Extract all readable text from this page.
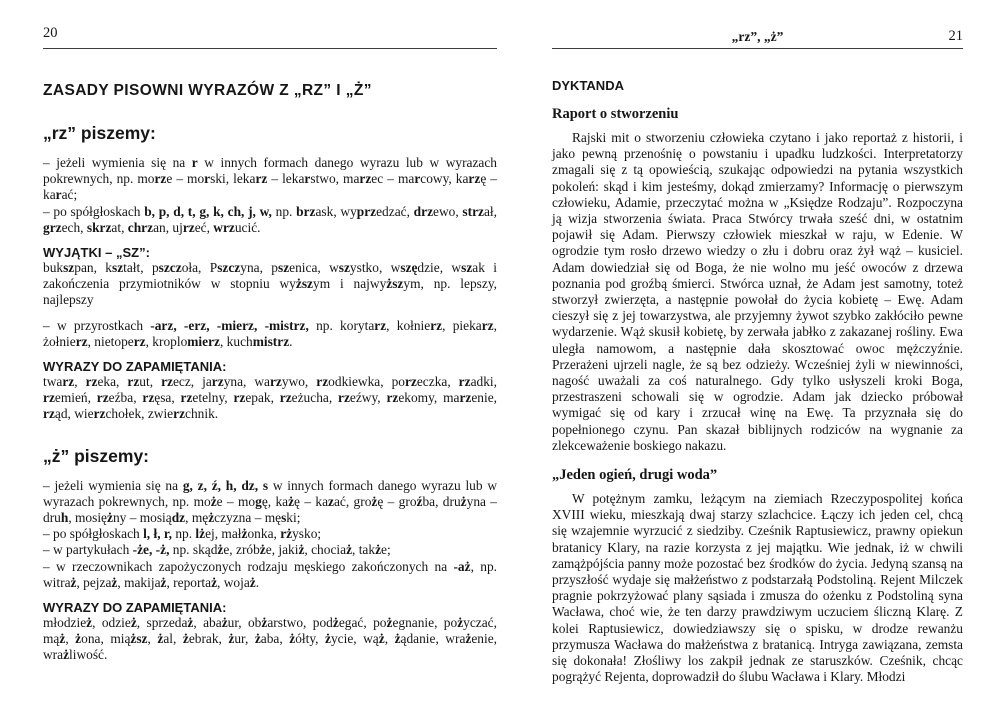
20
ZASADY PISOWNI WYRAZÓW Z „RZ” I „Ż”
„rz” piszemy:

– jeżeli wymienia się na r w innych formach danego wyrazu lub w wyrazach pokrewnych, np. morze – morski, lekarz – lekarstwo, marzec – marcowy, karzę – karać;

– po spółgłoskach b, p, d, t, g, k, ch, j, w, np. brzask, wyprzedzać, drzewo, strzał, grzech, skrzat, chrzan, ujrzeć, wrzucić.

WYJĄTKI – „SZ”:

bukszpan, kształt, pszczoła, Pszczyna, pszenica, wszystko, wszędzie, wszak i zakończenia przymiotników w stopniu wyższym i najwyższym, np. lepszy, najlepszy

– w przyrostkach -arz, -erz, -mierz, -mistrz, np. korytarz, kołnierz, piekarz, żołnierz, nietoperz, kroplomierz, kuchmistrz.

WYRAZY DO ZAPAMIĘTANIA:

twarz, rzeka, rzut, rzecz, jarzyna, warzywo, rzodkiewka, porzeczka, rzadki, rzemień, rzeźba, rzęsa, rzetelny, rzepak, rzeżucha, rzeźwy, rzekomy, marzenie, rząd, wierzchołek, zwierzchnik.

„ż” piszemy:

– jeżeli wymienia się na g, z, ź, h, dz, s w innych formach danego wyrazu lub w wyrazach pokrewnych, np. może – mogę, każę – kazać, grożę – groźba, drużyna – druh, mosiężny – mosiądz, mężczyzna – męski;

– po spółgłoskach l, ł, r, np. lżej, małżonka, rżysko;

– w partykułach -że, -ż, np. skądże, zróbże, jakiż, chociaż, także;

– w rzeczownikach zapożyczonych rodzaju męskiego zakończonych na -aż, np. witraż, pejzaż, makijaż, reportaż, wojaż.

WYRAZY DO ZAPAMIĘTANIA:

młodzież, odzież, sprzedaż, abażur, obżarstwo, podżegać, pożegnanie, pożyczać, mąż, żona, miąższ, żal, żebrak, żur, żaba, żółty, życie, wąż, żądanie, wrażenie, wrażliwość.

„rz”, „ż”	21
DYKTANDA
Raport o stworzeniu

Rajski mit o stworzeniu człowieka czytano i jako reportaż z historii, i jako pewną przenośnię o powstaniu i upadku ludzkości. Interpretatorzy zmagali się z tą opowieścią, szukając odpowiedzi na pytania wszystkich pokoleń: skąd i kim jesteśmy, dokąd zmierzamy? Informację o pierwszym człowieku, Adamie, przeczytać można w „Księdze Rodzaju”. Rozpoczyna ją wizja stworzenia świata. Praca Stwórcy trwała sześć dni, w ostatnim pojawił się Adam. Pierwszy człowiek mieszkał w raju, w Edenie. W ogrodzie tym rosło drzewo wiedzy o złu i dobru oraz żył wąż – kusiciel. Adam dowiedział się od Boga, że nie wolno mu jeść owoców z drzewa poznania pod groźbą śmierci. Stwórca uznał, że Adam jest samotny, toteż stworzył zwierzęta, a następnie powołał do życia kobietę – Ewę. Adam cieszył się z jej towarzystwa, ale przyjemny żywot szybko zakłóciło pewne wydarzenie. Wąż skusił kobietę, by zerwała jabłko z zakazanej rośliny. Ewa uległa namowom, a następnie dała skosztować owoc mężczyźnie. Przerażeni ujrzeli nagle, że są bez odzieży. Wcześniej żyli w niewinności, nagość uważali za coś naturalnego. Gdy tylko usłyszeli kroki Boga, przestraszeni schowali się w ogrodzie. Adam jak dziecko próbował wymigać się od kary i zrzucał winę na Ewę. Ta przyznała się do popełnionego czynu. Pan skazał biblijnych rodziców na wygnanie za zlekceważenie boskiego nakazu.

„Jeden ogień, drugi woda”

W potężnym zamku, leżącym na ziemiach Rzeczypospolitej końca XVIII wieku, mieszkają dwaj starzy szlachcice. Łączy ich jeden cel, chcą się wzajemnie wyrzucić z siedziby. Cześnik Raptusiewicz, prawny opiekun bratanicy Klary, na razie korzysta z jej majątku. Wie jednak, iż w chwili zamążpójścia panny może pozostać bez środków do życia. Jedyną szansą na przyszłość wydaje się małżeństwo z podstarzałą Podstoliną. Rejent Milczek pragnie pokrzyżować plany sąsiada i zmusza do ożenku z Podstoliną syna Wacława, choć wie, że ten darzy prawdziwym uczuciem śliczną Klarę. Z kolei Raptusiewicz, dowiedziawszy się o spisku, w drodze rewanżu przymusza Wacława do małżeństwa z bratanicą. Intryga zawiązana, zemsta się dokonała! Złośliwy los zakpił jednak ze staruszków. Cześnik, chcąc pogrążyć Rejenta, doprowadził do ślubu Wacława i Klary. Młodzi
